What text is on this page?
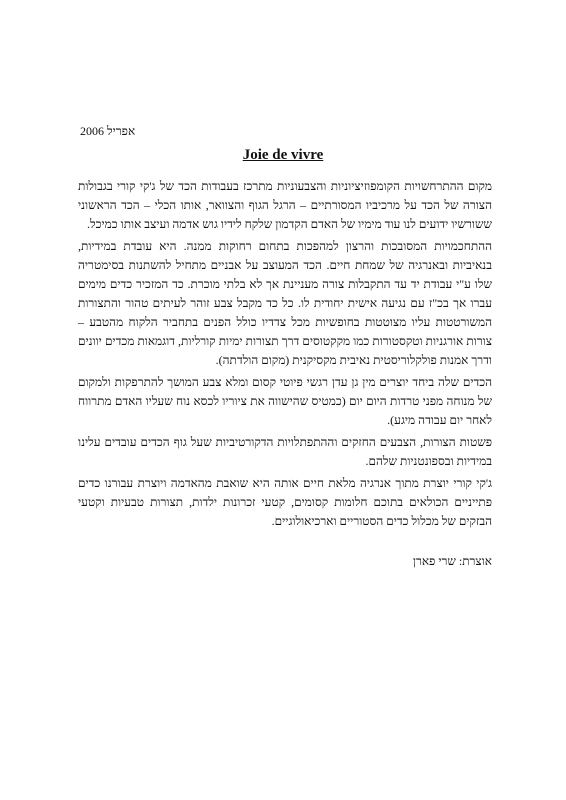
אפריל 2006
Joie de vivre

מקום ההתרחשויות הקומפוזיציוניות והצבעוניות מתרכז בעבודות הכד של ג'קי קורי בגבולות הצורה של הכד על מרכיביו המסורתיים – הרגל הגוף והצוואר, אותו הכלי – הכד הראשוני ששורשיו ידועים לנו עוד מימיו של האדם הקדמון שלקח לידיו גוש אדמה ועיצב אותו כמיכל.

ההתחכמויות המסובכות והרצון למהפכות בתחום רחוקות ממנה. היא עובדת במידיות, בנאיביות ובאנרגיה של שמחת חיים. הכד המעוצב על אבניים מתחיל להשתנות בסימטריה שלו ע"י עבודת יד עד התקבלות צורה מעניינת אך לא בלתי מוכרת. כד המזכיר כדים מימים עברו אך בכ"ז עם נגיעה אישית יחודית לו. כל כד מקבל צבע זוהר לעיתים טהור והתצורות המשורטטות עליו מצוטטות בחופשיות מכל צדדיו כולל הפנים בתחביר הלקוח מהטבע – צורות אורגניות וטקסטורות כמו מקקטוסים דרך תצורות ימיות קורליות, דוגמאות מכדים יוונים ודרך אמנות פולקלוריסטית נאיבית מקסיקנית (מקום הולדתה).

הכדים שלה ביחד יוצרים מין גן עדן רגשי פיוטי קסום ומלא צבע המושך להתרפקות ולמקום של מנוחה מפני טרדות היום יום (כמטיס שהישווה את ציוריו לכסא נוח שעליו האדם מתרווח לאחר יום עבודה מיגע).

פשטות הצורות, הצבעים החזקים וההתפתלויות הדקורטיביות שעל גוף הכדים עובדים עלינו במידיות ובספונטניות שלהם.

ג'קי קורי יוצרת מתוך אנרגיה מלאת חיים אותה היא שואבת מהאדמה ויוצרת עבורנו כדים פתייניים הכולאים בתוכם חלומות קסומים, קטעי זכרונות ילדות, תצורות טבעיות וקטעי הבזקים של מכלול כדים הסטוריים וארכיאולוגיים.

אוצרת: שרי פארן
